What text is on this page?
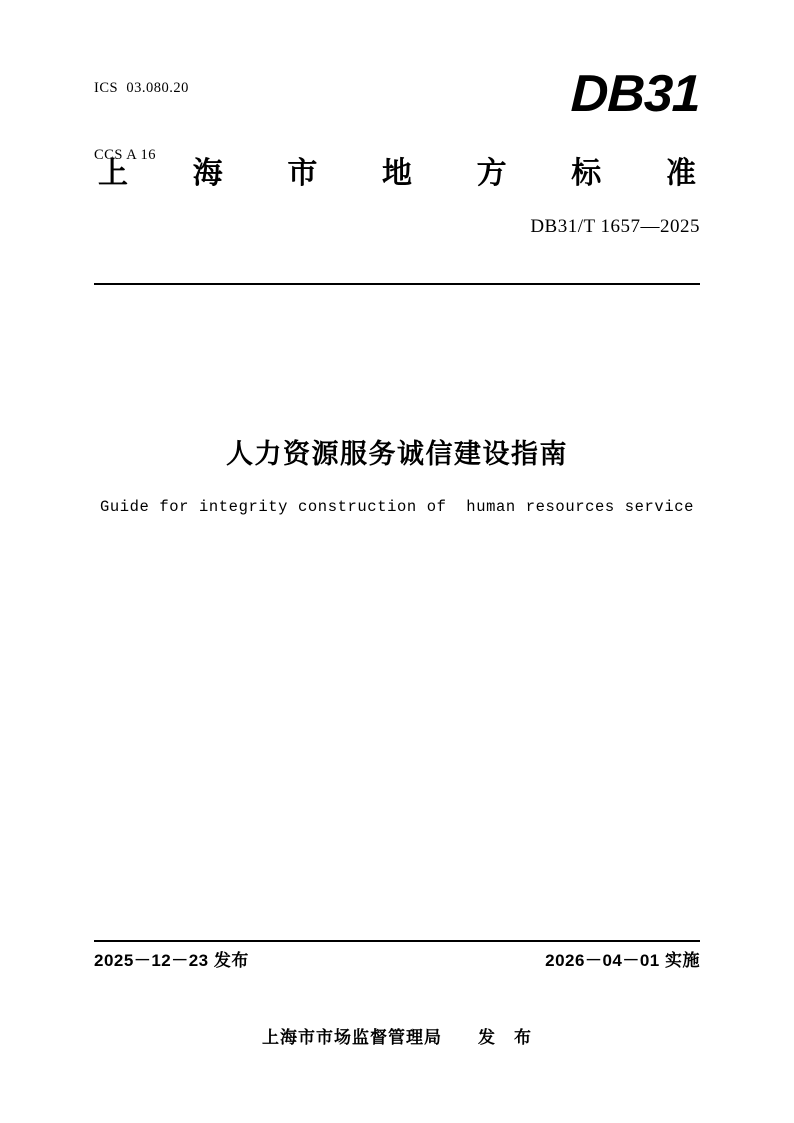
ICS  03.080.20

CCS A 16

DB31
上 海 市 地 方 标 准
DB31/T 1657—2025
人力资源服务诚信建设指南
Guide for integrity construction of  human resources service
2025－12－23 发布	2026－04－01 实施
上海市市场监督管理局　　发　布
